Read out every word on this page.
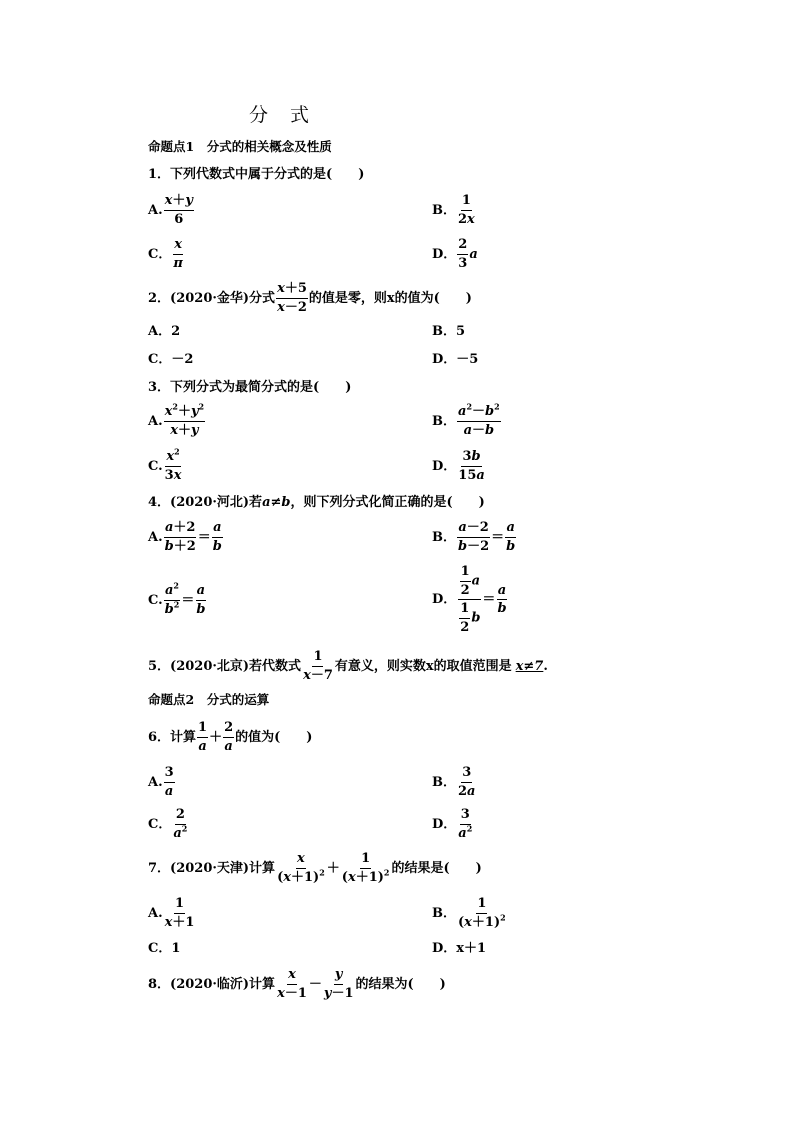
分式
命题点1　分式的相关概念及性质
1．下列代数式中属于分式的是(　　)
A. $\frac{x+y}{6}$	B． $\frac{1}{2x}$
C． $\frac{x}{\pi}$	D． $\frac{2}{3}$ a
2．(2020·金华)分式 $\frac{x+5}{x-2}$ 的值是零，则x的值为(　　)
A．2	B．5
C．－2	D．－5
3．下列分式为最简分式的是(　　)
A. $\frac{x^2+y^2}{x+y}$	B． $\frac{a^2-b^2}{a-b}$
C. $\frac{x^2}{3x}$	D． $\frac{3b}{15a}$
4．(2020·河北)若 a≠b ，则下列分式化简正确的是(　　)
A. $\frac{a+2}{b+2} = \frac{a}{b}$	B． $\frac{a-2}{b-2} = \frac{a}{b}$
C. $\frac{a^2}{b^2} = \frac{a}{b}$	D． $\frac{\frac{1}{2} a}{\frac{1}{2} b} = \frac{a}{b}$
5．(2020·北京)若代数式 $\frac{1}{x-7}$ 有意义，则实数x的取值范围是 x≠7 .
命题点2　分式的运算
6．计算 $\frac{1}{a} + \frac{2}{a}$ 的值为(　　)
A. $\frac{3}{a}$	B． $\frac{3}{2a}$
C． $\frac{2}{a^2}$	D． $\frac{3}{a^2}$
7．(2020·天津)计算 $\frac{x}{(x+1)^2} + \frac{1}{(x+1)^2}$ 的结果是(　　)
A. $\frac{1}{x+1}$	B． $\frac{1}{(x+1)^2}$
C．1	D．x＋1
8．(2020·临沂)计算 $\frac{x}{x-1} - \frac{y}{y-1}$ 的结果为(　　)
